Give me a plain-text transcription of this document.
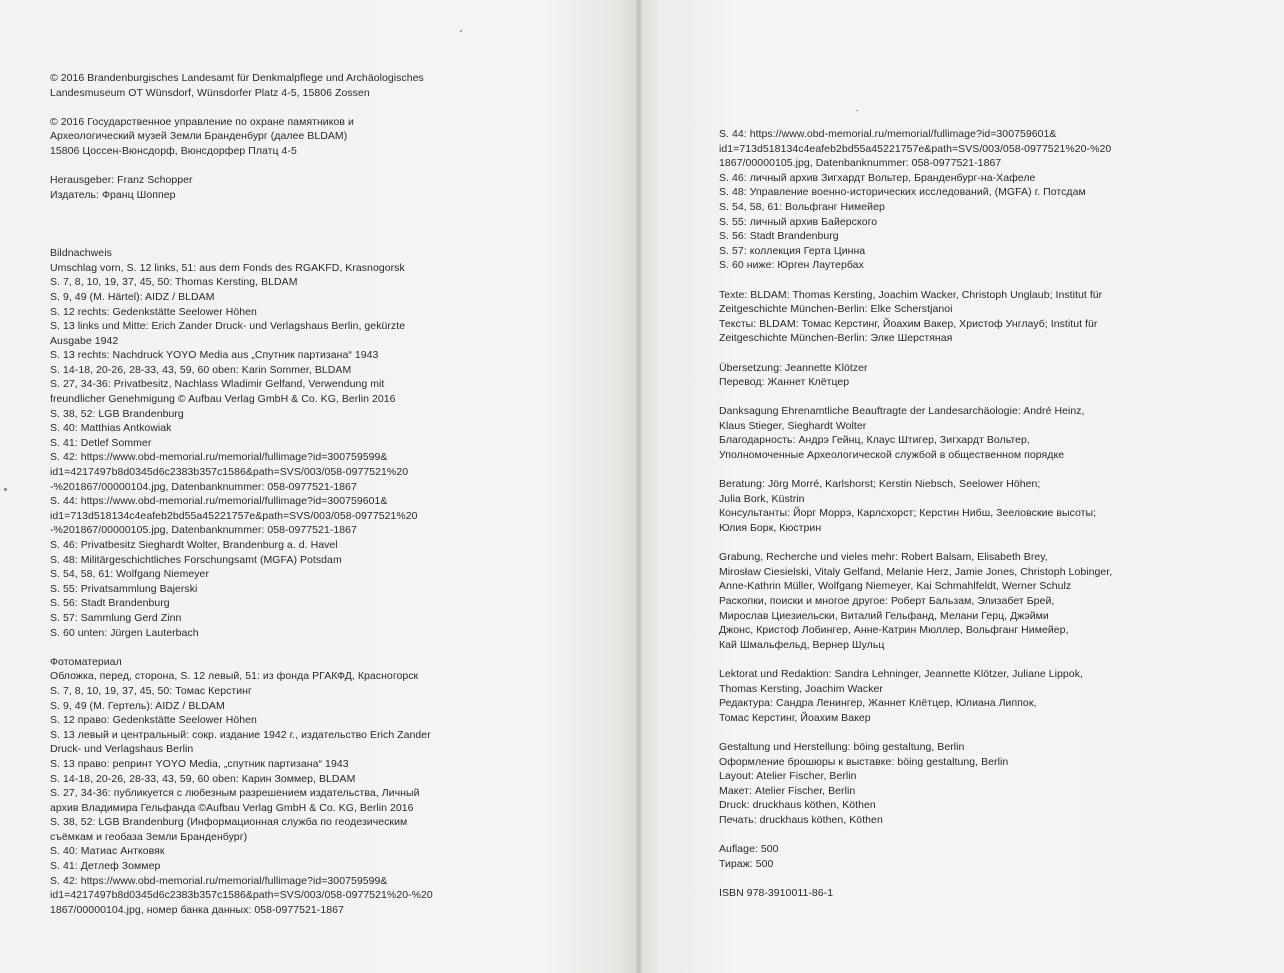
© 2016 Brandenburgisches Landesamt für Denkmalpflege und Archäologisches
Landesmuseum OT Wünsdorf, Wünsdorfer Platz 4-5, 15806 Zossen
© 2016 Государственное управление по охране памятников и
Археологический музей Земли Бранденбург (далее BLDAM)
15806 Цоссен-Вюнсдорф, Вюнсдорфер Платц 4-5
Herausgeber: Franz Schopper
Издатель: Франц Шоппер

Bildnachweis
Umschlag vorn, S. 12 links, 51: aus dem Fonds des RGAKFD, Krasnogorsk
S. 7, 8, 10, 19, 37, 45, 50: Thomas Kersting, BLDAM
S. 9, 49 (M. Härtel): AIDZ / BLDAM
S. 12 rechts: Gedenkstätte Seelower Höhen
S. 13 links und Mitte: Erich Zander Druck- und Verlagshaus Berlin, gekürzte
Ausgabe 1942
S. 13 rechts: Nachdruck YOYO Media aus „Спутник партизана“ 1943
S. 14-18, 20-26, 28-33, 43, 59, 60 oben: Karin Sommer, BLDAM
S. 27, 34-36: Privatbesitz, Nachlass Wladimir Gelfand, Verwendung mit
freundlicher Genehmigung © Aufbau Verlag GmbH & Co. KG, Berlin 2016
S. 38, 52: LGB Brandenburg
S. 40: Matthias Antkowiak
S. 41: Detlef Sommer
S. 42: https://www.obd-memorial.ru/memorial/fullimage?id=300759599&
id1=4217497b8d0345d6c2383b357c1586&path=SVS/003/058-0977521%20
-%201867/00000104.jpg, Datenbanknummer: 058-0977521-1867
S. 44: https://www.obd-memorial.ru/memorial/fullimage?id=300759601&
id1=713d518134c4eafeb2bd55a45221757e&path=SVS/003/058-0977521%20
-%201867/00000105.jpg, Datenbanknummer: 058-0977521-1867
S. 46: Privatbesitz Sieghardt Wolter, Brandenburg a. d. Havel
S. 48: Militärgeschichtliches Forschungsamt (MGFA) Potsdam
S. 54, 58, 61: Wolfgang Niemeyer
S. 55: Privatsammlung Bajerski
S. 56: Stadt Brandenburg
S. 57: Sammlung Gerd Zinn
S. 60 unten: Jürgen Lauterbach
Фотоматериал
Обложка, перед, сторона, S. 12 левый, 51: из фонда РГАКФД, Красногорск
S. 7, 8, 10, 19, 37, 45, 50: Томас Керстинг
S. 9, 49 (М. Гертель): AIDZ / BLDAM
S. 12 право: Gedenkstätte Seelower Höhen
S. 13 левый и центральный: сокр. издание 1942 г., издательство Erich Zander
Druck- und Verlagshaus Berlin
S. 13 право: репринт YOYO Media, „спутник партизана“ 1943
S. 14-18, 20-26, 28-33, 43, 59, 60 оben: Карин Зоммер, BLDAM
S. 27, 34-36: публикуется с любезным разрешением издательства, Личный
архив Владимира Гельфанда ©Aufbau Verlag GmbH & Co. KG, Berlin 2016
S. 38, 52: LGB Brandenburg (Информационная служба по геодезическим
съёмкам и геобаза Земли Бранденбург)
S. 40: Матиас Антковяк
S. 41: Детлеф Зоммер
S. 42: https://www.obd-memorial.ru/memorial/fullimage?id=300759599&
id1=4217497b8d0345d6c2383b357c1586&path=SVS/003/058-0977521%20-%20
1867/00000104.jpg, номер банка данных: 058-0977521-1867
S. 44: https://www.obd-memorial.ru/memorial/fullimage?id=300759601&
id1=713d518134c4eafeb2bd55a45221757e&path=SVS/003/058-0977521%20-%20
1867/00000105.jpg, Datenbanknummer: 058-0977521-1867
S. 46: личный архив Зигхардт Вольтер, Бранденбург-на-Хафеле
S. 48: Управление военно-исторических исследований, (MGFA) г. Потсдам
S. 54, 58, 61: Вольфганг Нимейер
S. 55: личный архив Байерского
S. 56: Stadt Brandenburg
S. 57: коллекция Герта Цинна
S. 60 ниже: Юрген Лаутербах
Texte: BLDAM: Thomas Kersting, Joachim Wacker, Christoph Unglaub; Institut für
Zeitgeschichte München-Berlin: Elke Scherstjanoi
Тексты: BLDAM: Томас Керстинг, Йоахим Вакер, Христоф Унглауб; Institut für
Zeitgeschichte München-Berlin: Элке Шерстяная
Übersetzung: Jeannette Klötzer
Перевод: Жаннет Клётцер
Danksagung Ehrenamtliche Beauftragte der Landesarchäologie: André Heinz,
Klaus Stieger, Sieghardt Wolter
Благодарность: Андрэ Гейнц, Клаус Штигер, Зигхардт Вольтер,
Уполномоченные Археологической службой в общественном порядке
Beratung: Jörg Morré, Karlshorst; Kerstin Niebsch, Seelower Höhen;
Julia Bork, Küstrin
Консультанты: Йорг Моррэ, Карлсхорст; Керстин Нибш, Зееловские высоты;
Юлия Борк, Кюстрин
Grabung, Recherche und vieles mehr: Robert Balsam, Elisabeth Brey,
Mirosław Ciesielski, Vitaly Gelfand, Melanie Herz, Jamie Jones, Christoph Lobinger,
Anne-Kathrin Müller, Wolfgang Niemeyer, Kai Schmahlfeldt, Werner Schulz
Раскопки, поиски и многое другое: Роберт Бальзам, Элизабет Брей,
Мирослав Циезиельски, Виталий Гельфанд, Мелани Герц, Джэйми
Джонс, Кристоф Лобингер, Анне-Катрин Мюллер, Вольфганг Нимейер,
Кай Шмальфельд, Вернер Шульц
Lektorat und Redaktion: Sandra Lehninger, Jeannette Klötzer, Juliane Lippok,
Thomas Kersting, Joachim Wacker
Редактура: Сандра Ленингер, Жаннет Клётцер, Юлиана Липпок,
Томас Керстинг, Йоахим Вакер
Gestaltung und Herstellung: böing gestaltung, Berlin
Оформление брошюры к выставке: böing gestaltung, Berlin
Layout: Atelier Fischer, Berlin
Макет: Atelier Fischer, Berlin
Druck: druckhaus köthen, Köthen
Печать: druckhaus köthen, Köthen
Auflage: 500
Тираж: 500
ISBN 978-3910011-86-1
